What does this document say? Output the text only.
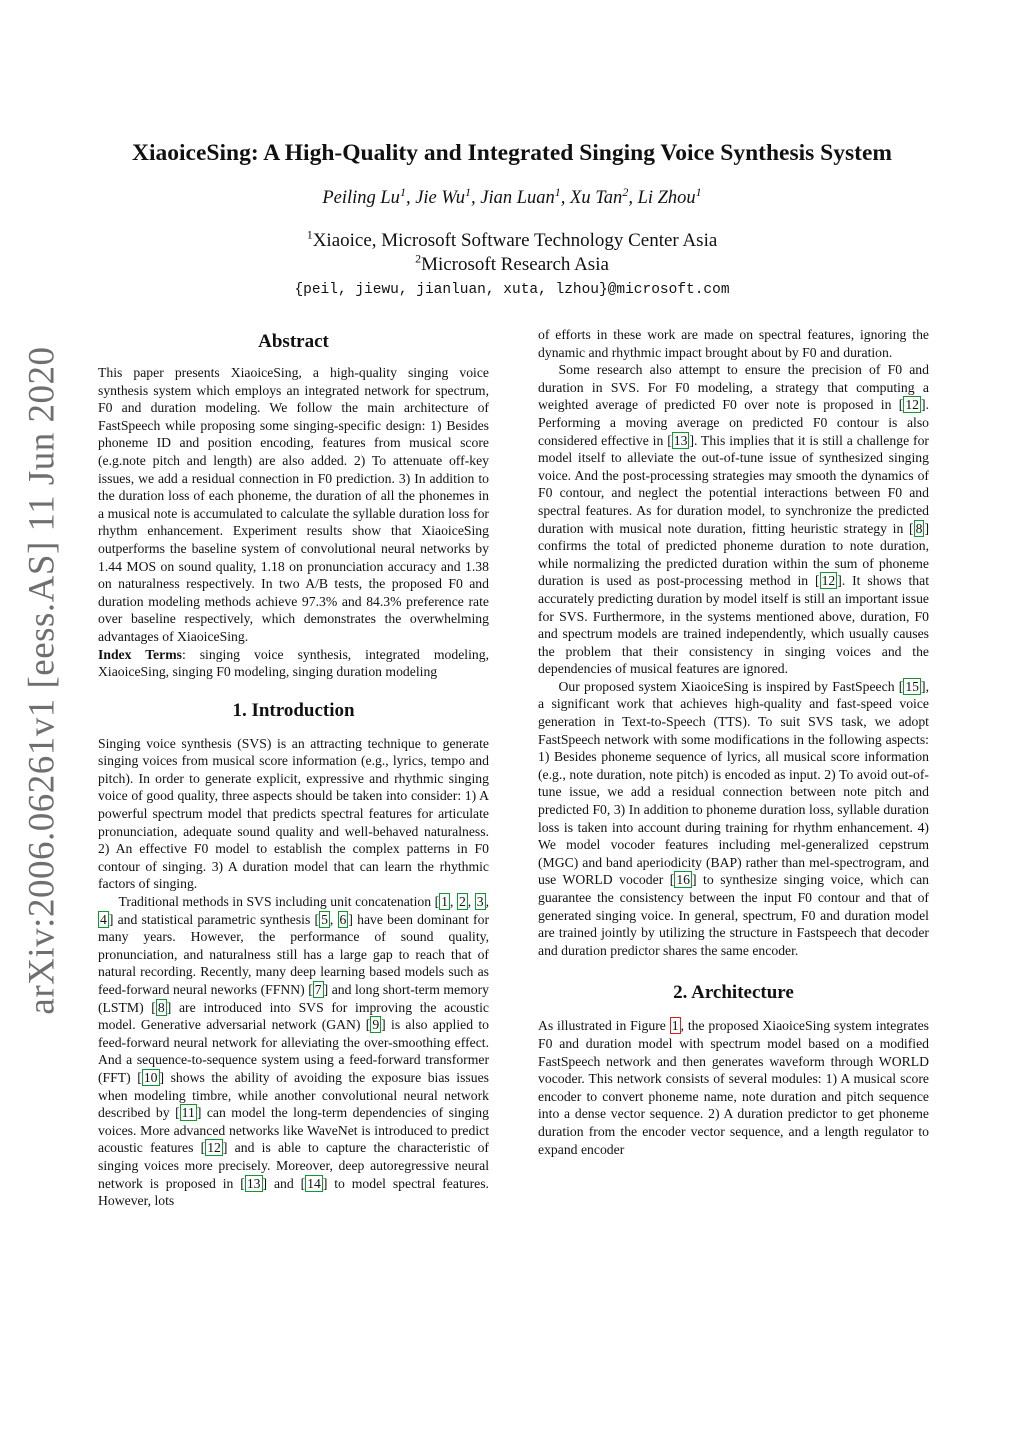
arXiv:2006.06261v1 [eess.AS] 11 Jun 2020
XiaoiceSing: A High-Quality and Integrated Singing Voice Synthesis System
Peiling Lu$^1$, Jie Wu$^1$, Jian Luan$^1$, Xu Tan$^2$, Li Zhou$^1$
$^1$Xiaoice, Microsoft Software Technology Center Asia
$^2$Microsoft Research Asia
{peil, jiewu, jianluan, xuta, lzhou}@microsoft.com
Abstract

This paper presents XiaoiceSing, a high-quality singing voice synthesis system which employs an integrated network for spectrum, F0 and duration modeling. We follow the main architecture of FastSpeech while proposing some singing-specific design: 1) Besides phoneme ID and position encoding, features from musical score (e.g.note pitch and length) are also added. 2) To attenuate off-key issues, we add a residual connection in F0 prediction. 3) In addition to the duration loss of each phoneme, the duration of all the phonemes in a musical note is accumulated to calculate the syllable duration loss for rhythm enhancement. Experiment results show that XiaoiceSing outperforms the baseline system of convolutional neural networks by 1.44 MOS on sound quality, 1.18 on pronunciation accuracy and 1.38 on naturalness respectively. In two A/B tests, the proposed F0 and duration modeling methods achieve 97.3% and 84.3% preference rate over baseline respectively, which demonstrates the overwhelming advantages of XiaoiceSing.

Index Terms: singing voice synthesis, integrated modeling, XiaoiceSing, singing F0 modeling, singing duration modeling

1. Introduction

Singing voice synthesis (SVS) is an attracting technique to generate singing voices from musical score information (e.g., lyrics, tempo and pitch). In order to generate explicit, expressive and rhythmic singing voice of good quality, three aspects should be taken into consider: 1) A powerful spectrum model that predicts spectral features for articulate pronunciation, adequate sound quality and well-behaved naturalness. 2) An effective F0 model to establish the complex patterns in F0 contour of singing. 3) A duration model that can learn the rhythmic factors of singing.

Traditional methods in SVS including unit concatenation [ 1 , 2 , 3 , 4 ] and statistical parametric synthesis [ 5 , 6 ] have been dominant for many years. However, the performance of sound quality, pronunciation, and naturalness still has a large gap to reach that of natural recording. Recently, many deep learning based models such as feed-forward neural neworks (FFNN) [ 7 ] and long short-term memory (LSTM) [ 8 ] are introduced into SVS for improving the acoustic model. Generative adversarial network (GAN) [ 9 ] is also applied to feed-forward neural network for alleviating the over-smoothing effect. And a sequence-to-sequence system using a feed-forward transformer (FFT) [ 10 ] shows the ability of avoiding the exposure bias issues when modeling timbre, while another convolutional neural network described by [ 11 ] can model the long-term dependencies of singing voices. More advanced networks like WaveNet is introduced to predict acoustic features [ 12 ] and is able to capture the characteristic of singing voices more precisely. Moreover, deep autoregressive neural network is proposed in [ 13 ] and [ 14 ] to model spectral features. However, lots

of efforts in these work are made on spectral features, ignoring the dynamic and rhythmic impact brought about by F0 and duration.

Some research also attempt to ensure the precision of F0 and duration in SVS. For F0 modeling, a strategy that computing a weighted average of predicted F0 over note is proposed in [ 12 ]. Performing a moving average on predicted F0 contour is also considered effective in [ 13 ]. This implies that it is still a challenge for model itself to alleviate the out-of-tune issue of synthesized singing voice. And the post-processing strategies may smooth the dynamics of F0 contour, and neglect the potential interactions between F0 and spectral features. As for duration model, to synchronize the predicted duration with musical note duration, fitting heuristic strategy in [ 8 ] confirms the total of predicted phoneme duration to note duration, while normalizing the predicted duration within the sum of phoneme duration is used as post-processing method in [ 12 ]. It shows that accurately predicting duration by model itself is still an important issue for SVS. Furthermore, in the systems mentioned above, duration, F0 and spectrum models are trained independently, which usually causes the problem that their consistency in singing voices and the dependencies of musical features are ignored.

Our proposed system XiaoiceSing is inspired by FastSpeech [ 15 ], a significant work that achieves high-quality and fast-speed voice generation in Text-to-Speech (TTS). To suit SVS task, we adopt FastSpeech network with some modifications in the following aspects: 1) Besides phoneme sequence of lyrics, all musical score information (e.g., note duration, note pitch) is encoded as input. 2) To avoid out-of-tune issue, we add a residual connection between note pitch and predicted F0, 3) In addition to phoneme duration loss, syllable duration loss is taken into account during training for rhythm enhancement. 4) We model vocoder features including mel-generalized cepstrum (MGC) and band aperiodicity (BAP) rather than mel-spectrogram, and use WORLD vocoder [ 16 ] to synthesize singing voice, which can guarantee the consistency between the input F0 contour and that of generated singing voice. In general, spectrum, F0 and duration model are trained jointly by utilizing the structure in Fastspeech that decoder and duration predictor shares the same encoder.

2. Architecture

As illustrated in Figure 1 , the proposed XiaoiceSing system integrates F0 and duration model with spectrum model based on a modified FastSpeech network and then generates waveform through WORLD vocoder. This network consists of several modules: 1) A musical score encoder to convert phoneme name, note duration and pitch sequence into a dense vector sequence. 2) A duration predictor to get phoneme duration from the encoder vector sequence, and a length regulator to expand encoder
